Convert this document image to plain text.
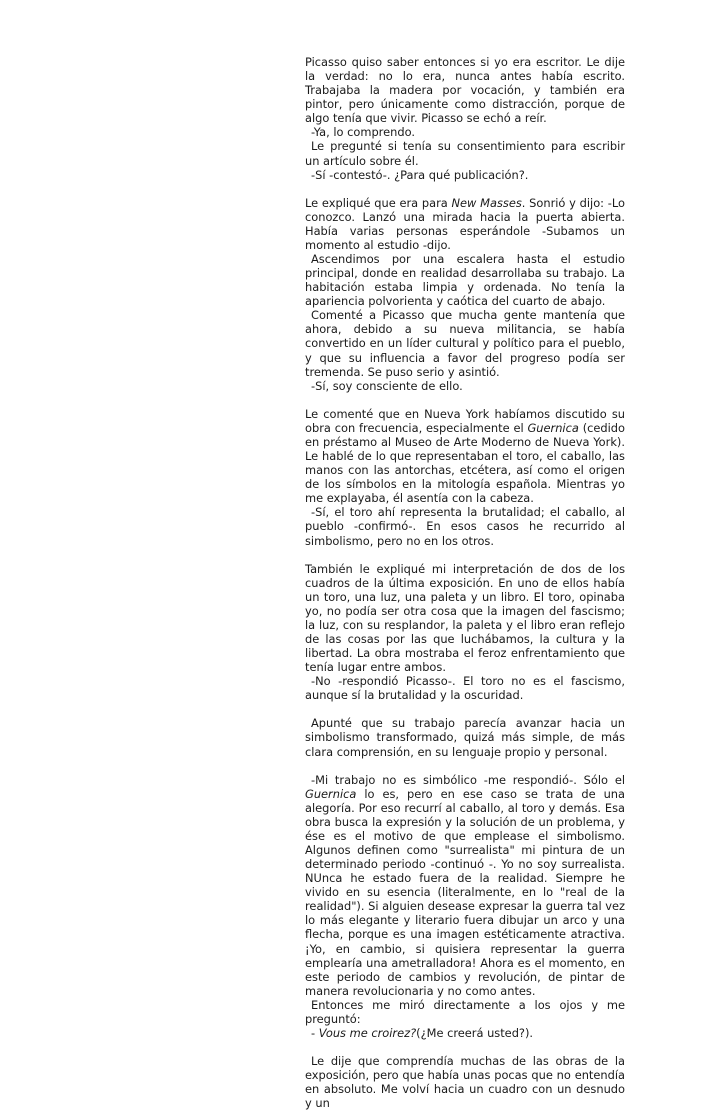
Picasso quiso saber entonces si yo era escritor. Le dije la verdad: no lo era, nunca antes había escrito. Trabajaba la madera por vocación, y también era pintor, pero únicamente como distracción, porque de algo tenía que vivir. Picasso se echó a reír.

-Ya, lo comprendo.

Le pregunté si tenía su consentimiento para escribir un artículo sobre él.

-Sí -contestó-. ¿Para qué publicación?.

Le expliqué que era para New Masses. Sonrió y dijo: -Lo conozco. Lanzó una mirada hacia la puerta abierta. Había varias personas esperándole -Subamos un momento al estudio -dijo.

Ascendimos por una escalera hasta el estudio principal, donde en realidad desarrollaba su trabajo. La habitación estaba limpia y ordenada. No tenía la apariencia polvorienta y caótica del cuarto de abajo.

Comenté a Picasso que mucha gente mantenía que ahora, debido a su nueva militancia, se había convertido en un líder cultural y político para el pueblo, y que su influencia a favor del progreso podía ser tremenda. Se puso serio y asintió.

-Sí, soy consciente de ello.

Le comenté que en Nueva York habíamos discutido su obra con frecuencia, especialmente el Guernica (cedido en préstamo al Museo de Arte Moderno de Nueva York). Le hablé de lo que representaban el toro, el caballo, las manos con las antorchas, etcétera, así como el origen de los símbolos en la mitología española. Mientras yo me explayaba, él asentía con la cabeza.

-Sí, el toro ahí representa la brutalidad; el caballo, al pueblo -confirmó-. En esos casos he recurrido al simbolismo, pero no en los otros.

También le expliqué mi interpretación de dos de los cuadros de la última exposición. En uno de ellos había un toro, una luz, una paleta y un libro. El toro, opinaba yo, no podía ser otra cosa que la imagen del fascismo; la luz, con su resplandor, la paleta y el libro eran reflejo de las cosas por las que luchábamos, la cultura y la libertad. La obra mostraba el feroz enfrentamiento que tenía lugar entre ambos.

-No -respondió Picasso-. El toro no es el fascismo, aunque sí la brutalidad y la oscuridad.

Apunté que su trabajo parecía avanzar hacia un simbolismo transformado, quizá más simple, de más clara comprensión, en su lenguaje propio y personal.

-Mi trabajo no es simbólico -me respondió-. Sólo el Guernica lo es, pero en ese caso se trata de una alegoría. Por eso recurrí al caballo, al toro y demás. Esa obra busca la expresión y la solución de un problema, y ése es el motivo de que emplease el simbolismo. Algunos definen como "surrealista" mi pintura de un determinado periodo -continuó -. Yo no soy surrealista. NUnca he estado fuera de la realidad. Siempre he vivido en su esencia (literalmente, en lo "real de la realidad"). Si alguien desease expresar la guerra tal vez lo más elegante y literario fuera dibujar un arco y una flecha, porque es una imagen estéticamente atractiva. ¡Yo, en cambio, si quisiera representar la guerra emplearía una ametralladora! Ahora es el momento, en este periodo de cambios y revolución, de pintar de manera revolucionaria y no como antes.

Entonces me miró directamente a los ojos y me preguntó:

- Vous me croirez?(¿Me creerá usted?).

Le dije que comprendía muchas de las obras de la exposición, pero que había unas pocas que no entendía en absoluto. Me volví hacia un cuadro con un desnudo y un
